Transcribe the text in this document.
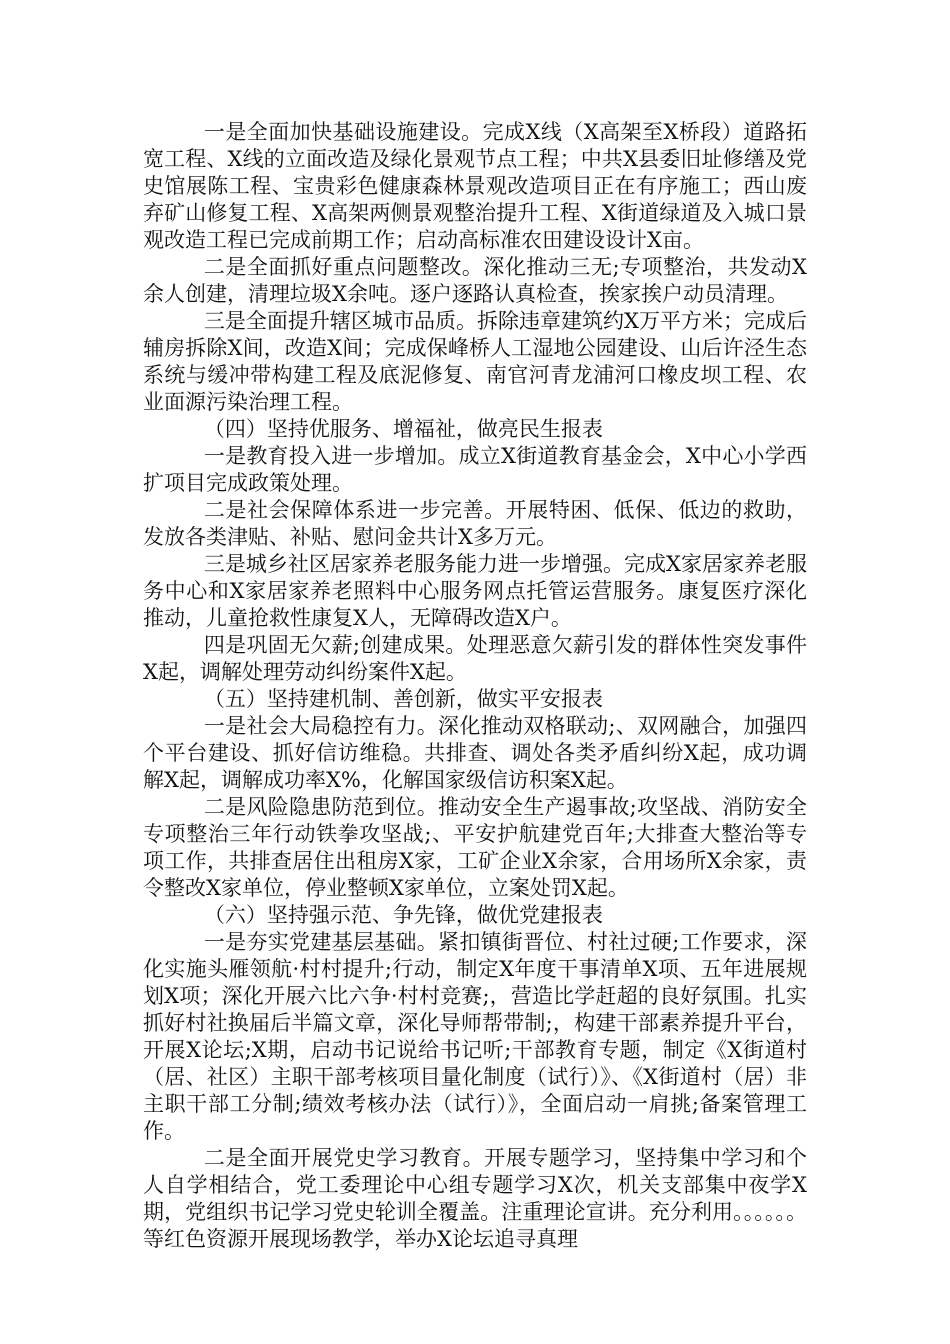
一是全面加快基础设施建设。完成X线（X高架至X桥段）道路拓宽工程、X线的立面改造及绿化景观节点工程；中共X县委旧址修缮及党史馆展陈工程、宝贵彩色健康森林景观改造项目正在有序施工；西山废弃矿山修复工程、X高架两侧景观整治提升工程、X街道绿道及入城口景观改造工程已完成前期工作；启动高标准农田建设设计X亩。

二是全面抓好重点问题整改。深化推动三无;专项整治，共发动X余人创建，清理垃圾X余吨。逐户逐路认真检查，挨家挨户动员清理。

三是全面提升辖区城市品质。拆除违章建筑约X万平方米；完成后辅房拆除X间，改造X间；完成保峰桥人工湿地公园建设、山后许泾生态系统与缓冲带构建工程及底泥修复、南官河青龙浦河口橡皮坝工程、农业面源污染治理工程。

（四）坚持优服务、增福祉，做亮民生报表

一是教育投入进一步增加。成立X街道教育基金会，X中心小学西扩项目完成政策处理。

二是社会保障体系进一步完善。开展特困、低保、低边的救助，发放各类津贴、补贴、慰问金共计X多万元。

三是城乡社区居家养老服务能力进一步增强。完成X家居家养老服务中心和X家居家养老照料中心服务网点托管运营服务。康复医疗深化推动，儿童抢救性康复X人，无障碍改造X户。

四是巩固无欠薪;创建成果。处理恶意欠薪引发的群体性突发事件X起，调解处理劳动纠纷案件X起。

（五）坚持建机制、善创新，做实平安报表

一是社会大局稳控有力。深化推动双格联动;、双网融合，加强四个平台建设、抓好信访维稳。共排查、调处各类矛盾纠纷X起，成功调解X起，调解成功率X%，化解国家级信访积案X起。

二是风险隐患防范到位。推动安全生产遏事故;攻坚战、消防安全专项整治三年行动铁拳攻坚战;、平安护航建党百年;大排查大整治等专项工作，共排查居住出租房X家，工矿企业X余家，合用场所X余家，责令整改X家单位，停业整顿X家单位，立案处罚X起。

（六）坚持强示范、争先锋，做优党建报表

一是夯实党建基层基础。紧扣镇街晋位、村社过硬;工作要求，深化实施头雁领航·村村提升;行动，制定X年度干事清单X项、五年进展规划X项；深化开展六比六争·村村竞赛;，营造比学赶超的良好氛围。扎实抓好村社换届后半篇文章，深化导师帮带制;，构建干部素养提升平台，开展X论坛;X期，启动书记说给书记听;干部教育专题，制定《X街道村（居、社区）主职干部考核项目量化制度（试行）》、《X街道村（居）非主职干部工分制;绩效考核办法（试行）》，全面启动一肩挑;备案管理工作。

二是全面开展党史学习教育。开展专题学习，坚持集中学习和个人自学相结合，党工委理论中心组专题学习X次，机关支部集中夜学X期，党组织书记学习党史轮训全覆盖。注重理论宣讲。充分利用。。。。。。等红色资源开展现场教学，举办X论坛追寻真理
